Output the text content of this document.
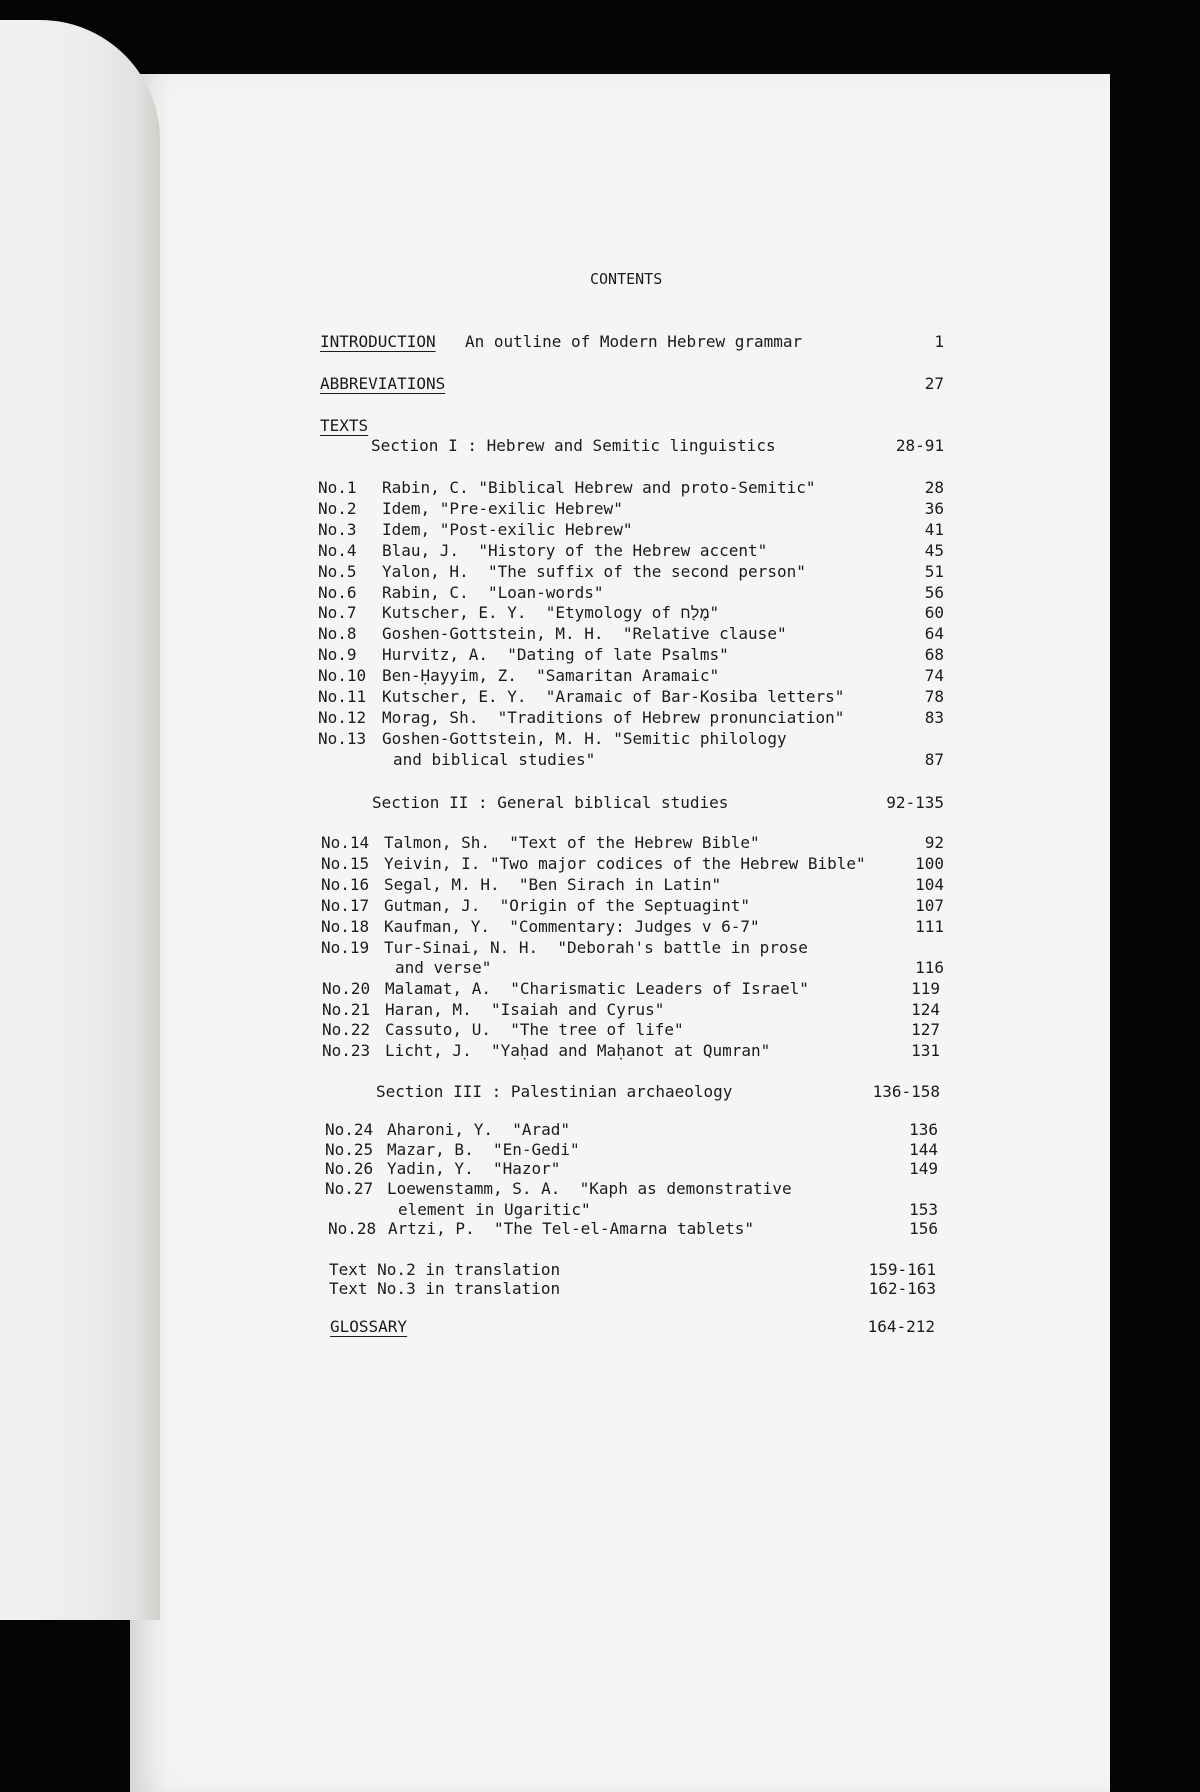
CONTENTS
INTRODUCTION An outline of Modern Hebrew grammar	1
ABBREVIATIONS	27
TEXTS
Section I : Hebrew and Semitic linguistics	28-91
No.1 Rabin, C. "Biblical Hebrew and proto-Semitic"	28
No.2 Idem, "Pre-exilic Hebrew"	36
No.3 Idem, "Post-exilic Hebrew"	41
No.4 Blau, J.  "History of the Hebrew accent"	45
No.5 Yalon, H.  "The suffix of the second person"	51
No.6 Rabin, C.  "Loan-words"	56
No.7 Kutscher, E. Y.  "Etymology of מֶלַח"	60
No.8 Goshen-Gottstein, M. H.  "Relative clause"	64
No.9 Hurvitz, A.  "Dating of late Psalms"	68
No.10 Ben-Ḥayyim, Z.  "Samaritan Aramaic"	74
No.11 Kutscher, E. Y.  "Aramaic of Bar-Kosiba letters"	78
No.12 Morag, Sh.  "Traditions of Hebrew pronunciation"	83
No.13 Goshen-Gottstein, M. H. "Semitic philology
and biblical studies"	87
Section II : General biblical studies	92-135
No.14 Talmon, Sh.  "Text of the Hebrew Bible"	92
No.15 Yeivin, I. "Two major codices of the Hebrew Bible"	100
No.16 Segal, M. H.  "Ben Sirach in Latin"	104
No.17 Gutman, J.  "Origin of the Septuagint"	107
No.18 Kaufman, Y.  "Commentary: Judges v 6-7"	111
No.19 Tur-Sinai, N. H.  "Deborah's battle in prose
and verse"	116
No.20 Malamat, A.  "Charismatic Leaders of Israel"	119
No.21 Haran, M.  "Isaiah and Cyrus"	124
No.22 Cassuto, U.  "The tree of life"	127
No.23 Licht, J.  "Yaḥad and Maḥanot at Qumran"	131
Section III : Palestinian archaeology	136-158
No.24 Aharoni, Y.  "Arad"	136
No.25 Mazar, B.  "En-Gedi"	144
No.26 Yadin, Y.  "Hazor"	149
No.27 Loewenstamm, S. A.  "Kaph as demonstrative
element in Ugaritic"	153
No.28 Artzi, P.  "The Tel-el-Amarna tablets"	156
Text No.2 in translation	159-161
Text No.3 in translation	162-163
GLOSSARY	164-212
